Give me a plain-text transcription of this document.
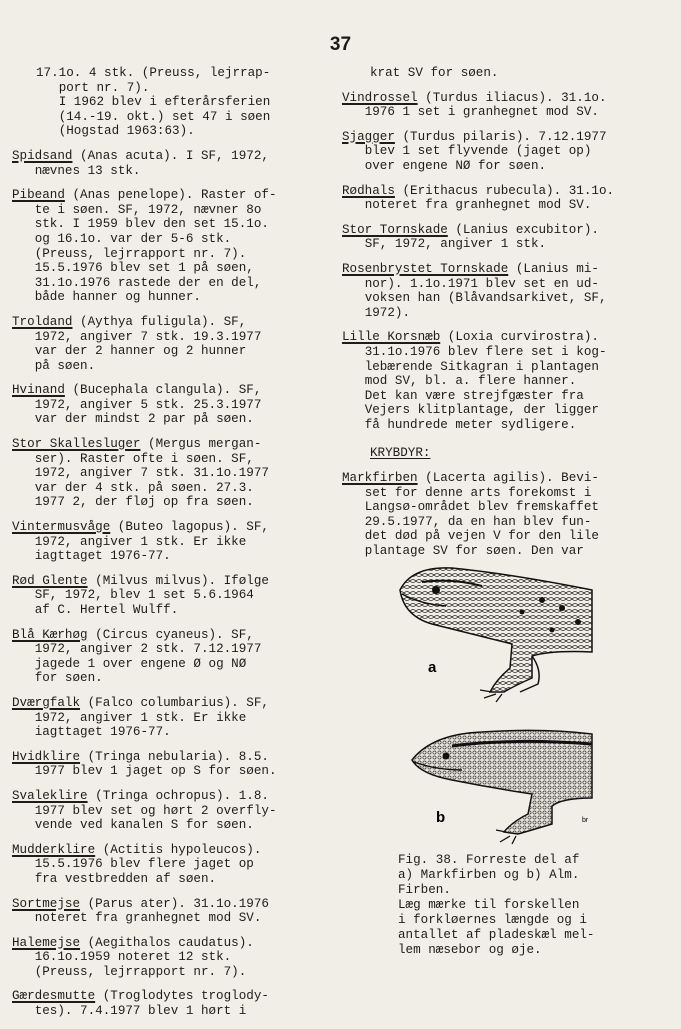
37
17.1o. 4 stk. (Preuss, lejrrap-
port nr. 7).
I 1962 blev i efterårsferien
(14.-19. okt.) set 47 i søen
(Hogstad 1963:63).
Spidsand (Anas acuta). I SF, 1972,
nævnes 13 stk.
Pibeand (Anas penelope). Raster of-
te i søen. SF, 1972, nævner 8o
stk. I 1959 blev den set 15.1o.
og 16.1o. var der 5-6 stk.
(Preuss, lejrrapport nr. 7).
15.5.1976 blev set 1 på søen,
31.1o.1976 rastede der en del,
både hanner og hunner.
Troldand (Aythya fuligula). SF,
1972, angiver 7 stk. 19.3.1977
var der 2 hanner og 2 hunner
på søen.
Hvinand (Bucephala clangula). SF,
1972, angiver 5 stk. 25.3.1977
var der mindst 2 par på søen.
Stor Skallesluger (Mergus mergan-
ser). Raster ofte i søen. SF,
1972, angiver 7 stk. 31.1o.1977
var der 4 stk. på søen. 27.3.
1977 2, der fløj op fra søen.
Vintermusvåge (Buteo lagopus). SF,
1972, angiver 1 stk. Er ikke
iagttaget 1976-77.
Rød Glente (Milvus milvus). Ifølge
SF, 1972, blev 1 set 5.6.1964
af C. Hertel Wulff.
Blå Kærhøg (Circus cyaneus). SF,
1972, angiver 2 stk. 7.12.1977
jagede 1 over engene Ø og NØ
for søen.
Dværgfalk (Falco columbarius). SF,
1972, angiver 1 stk. Er ikke
iagttaget 1976-77.
Hvidklire (Tringa nebularia). 8.5.
1977 blev 1 jaget op S for søen.
Svaleklire (Tringa ochropus). 1.8.
1977 blev set og hørt 2 overfly-
vende ved kanalen S for søen.
Mudderklire (Actitis hypoleucos).
15.5.1976 blev flere jaget op
fra vestbredden af søen.
Sortmejse (Parus ater). 31.1o.1976
noteret fra granhegnet mod SV.
Halemejse (Aegithalos caudatus).
16.1o.1959 noteret 12 stk.
(Preuss, lejrrapport nr. 7).
Gærdesmutte (Troglodytes troglody-
tes). 7.4.1977 blev 1 hørt i
krat SV for søen.
Vindrossel (Turdus iliacus). 31.1o.
1976 1 set i granhegnet mod SV.
Sjagger (Turdus pilaris). 7.12.1977
blev 1 set flyvende (jaget op)
over engene NØ for søen.
Rødhals (Erithacus rubecula). 31.1o.
noteret fra granhegnet mod SV.
Stor Tornskade (Lanius excubitor).
SF, 1972, angiver 1 stk.
Rosenbrystet Tornskade (Lanius mi-
nor). 1.1o.1971 blev set en ud-
voksen han (Blåvandsarkivet, SF,
1972).
Lille Korsnæb (Loxia curvirostra).
31.1o.1976 blev flere set i kog-
lebærende Sitkagran i plantagen
mod SV, bl. a. flere hanner.
Det kan være strejfgæster fra
Vejers klitplantage, der ligger
få hundrede meter sydligere.
KRYBDYR:
Markfirben (Lacerta agilis). Bevi-
set for denne arts forekomst i
Langsø-området blev fremskaffet
29.5.1977, da en han blev fun-
det død på vejen V for den lile
plantage SV for søen. Den var
a
b	br
Fig. 38. Forreste del af
a) Markfirben og b) Alm.
Firben.
Læg mærke til forskellen
i forkløernes længde og i
antallet af pladeskæl mel-
lem næsebor og øje.
